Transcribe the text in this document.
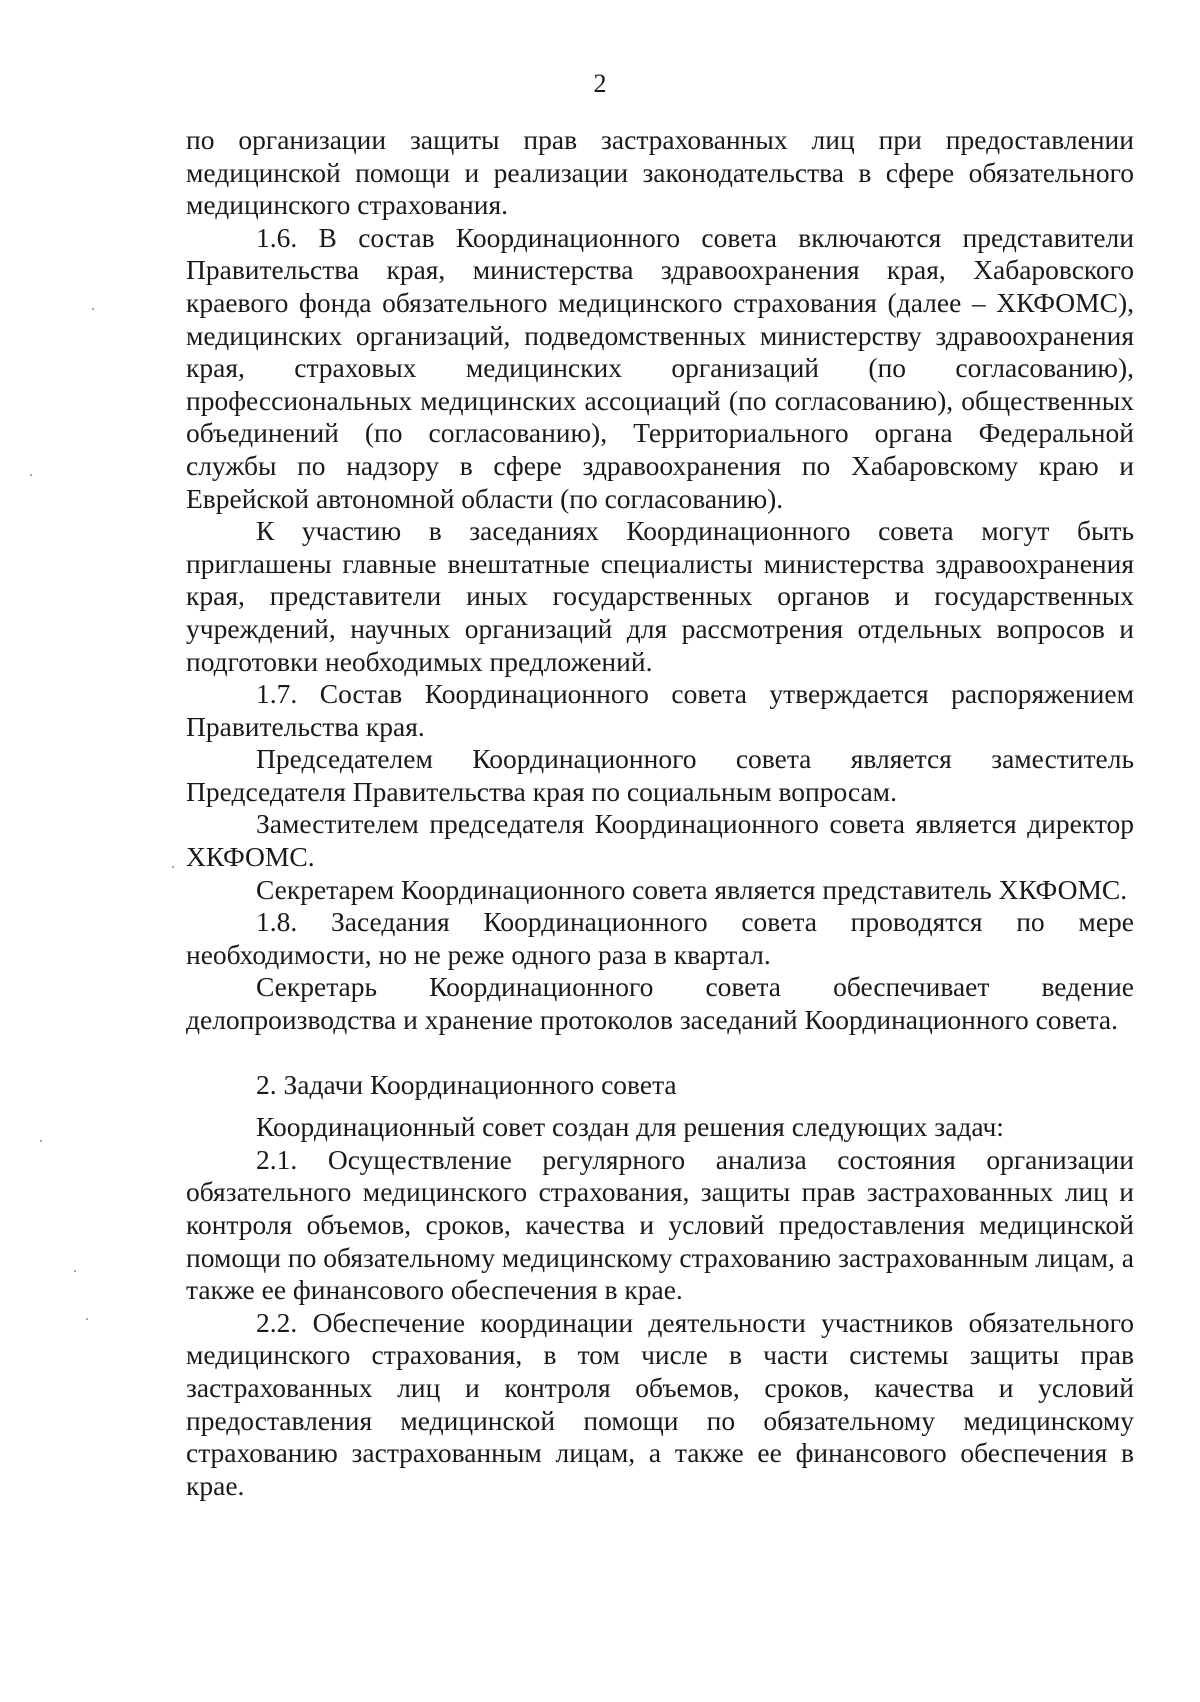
2

по организации защиты прав застрахованных лиц при предоставлении медицинской помощи и реализации законодательства в сфере обязательного медицинского страхования.

1.6. В состав Координационного совета включаются представители Правительства края, министерства здравоохранения края, Хабаровского краевого фонда обязательного медицинского страхования (далее – ХКФОМС), медицинских организаций, подведомственных министерству здравоохранения края, страховых медицинских организаций (по согласованию), профессиональных медицинских ассоциаций (по согласованию), общественных объединений (по согласованию), Территориального органа Федеральной службы по надзору в сфере здравоохранения по Хабаровскому краю и Еврейской автономной области (по согласованию).

К участию в заседаниях Координационного совета могут быть приглашены главные внештатные специалисты министерства здравоохранения края, представители иных государственных органов и государственных учреждений, научных организаций для рассмотрения отдельных вопросов и подготовки необходимых предложений.

1.7. Состав Координационного совета утверждается распоряжением Правительства края.

Председателем Координационного совета является заместитель Председателя Правительства края по социальным вопросам.

Заместителем председателя Координационного совета является директор ХКФОМС.

Секретарем Координационного совета является представитель ХКФОМС.

1.8. Заседания Координационного совета проводятся по мере необходимости, но не реже одного раза в квартал.

Секретарь Координационного совета обеспечивает ведение делопроизводства и хранение протоколов заседаний Координационного совета.

2. Задачи Координационного совета

Координационный совет создан для решения следующих задач:

2.1. Осуществление регулярного анализа состояния организации обязательного медицинского страхования, защиты прав застрахованных лиц и контроля объемов, сроков, качества и условий предоставления медицинской помощи по обязательному медицинскому страхованию застрахованным лицам, а также ее финансового обеспечения в крае.

2.2. Обеспечение координации деятельности участников обязательного медицинского страхования, в том числе в части системы защиты прав застрахованных лиц и контроля объемов, сроков, качества и условий предоставления медицинской помощи по обязательному медицинскому страхованию застрахованным лицам, а также ее финансового обеспечения в крае.
